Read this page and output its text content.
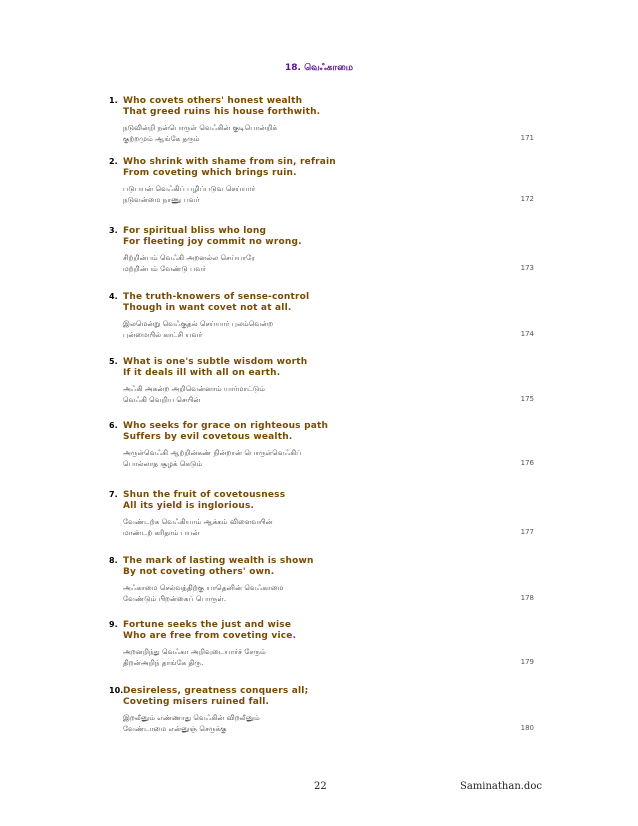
18. வெஃகாமை
1. Who covets others' honest wealth
That greed ruins his house forthwith.
நடுவின்றி நன்பொருள் வெஃகின் குடிபொன்றிக்
குற்றமும் ஆங்கே தரும்	171
2. Who shrink with shame from sin, refrain
From coveting which brings ruin.
படுபயன் வெஃகிப் பழிப்படுவ செய்யார்
நடுவன்மை நாணு பவர்	172
3. For spiritual bliss who long
For fleeting joy commit no wrong.
சிற்றின்பம் வெஃகி அறனல்ல செய்யாரே
மற்றின்பம் வேண்டு பவர்	173
4. The truth-knowers of sense-control
Though in want covet not at all.
இலமென்று வெஃகுதல் செய்யார் புலம்வென்ற
புன்மையில் காட்சி யவர்	174
5. What is one's subtle wisdom worth
If it deals ill with all on earth.
அஃகி அகன்ற அறிவென்னாம் யார்மாட்டும்
வெஃகி வெறிய செயின்	175
6. Who seeks for grace on righteous path
Suffers by evil covetous wealth.
அருள்வெஃகி ஆற்றின்கண் நின்றான் பொருள்வெஃகிப்
பொல்லாத சூழக் கெடும்	176
7. Shun the fruit of covetousness
All its yield is inglorious.
வேண்டற்க வெஃகியாம் ஆக்கம் விளைவயின்
மாண்டற் கரிதாம் பயன்	177
8. The mark of lasting wealth is shown
By not coveting others' own.
அஃகாமை செல்வத்திற்கு யாதெனின் வெஃகாமை
வேண்டும் பிறன்கைப் பொருள்.	178
9. Fortune seeks the just and wise
Who are free from coveting vice.
அறனறிந்து வெஃகா அறிவுடையார்ச் சேரும்
திறன்அறிந் தாங்கே திரு.	179
10. Desireless, greatness conquers all;
Coveting misers ruined fall.
இறலீனும் எண்ணாது வெஃகின் விறலீனும்
வேண்டாமை என்னுஞ் செருக்கு	180
22	Saminathan.doc
